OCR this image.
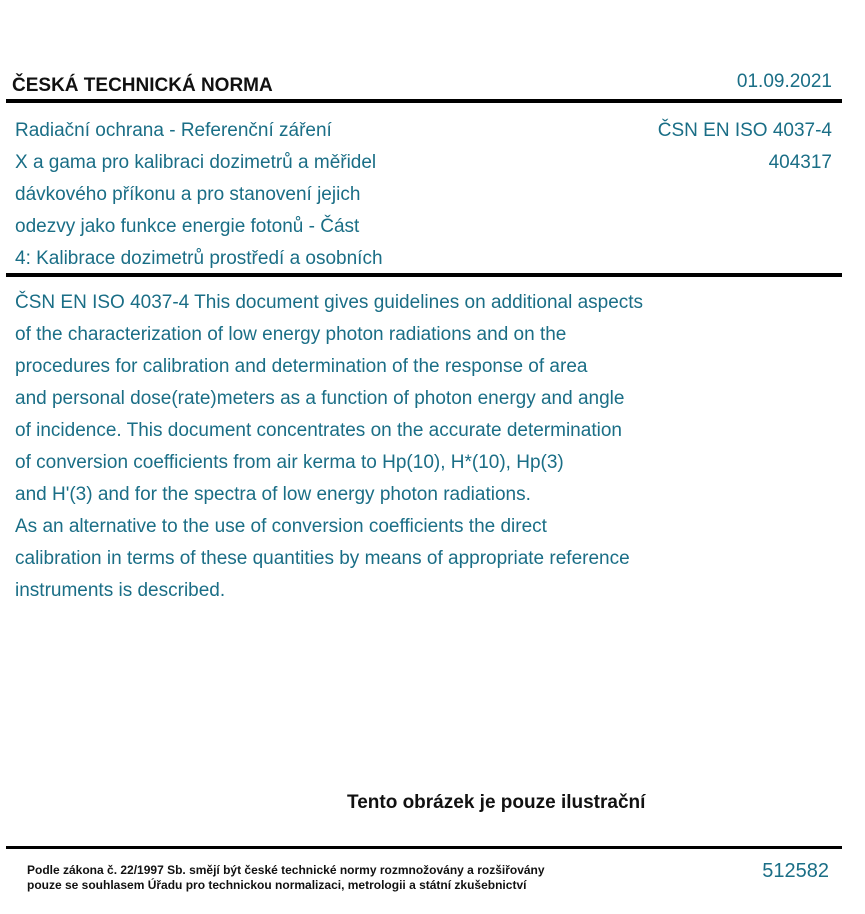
ČESKÁ TECHNICKÁ NORMA	01.09.2021
Radiační ochrana - Referenční záření
X a gama pro kalibraci dozimetrů a měřidel
dávkového příkonu a pro stanovení jejich
odezvy jako funkce energie fotonů - Část
4: Kalibrace dozimetrů prostředí a osobních
ČSN EN ISO 4037-4
404317
ČSN EN ISO 4037-4 This document gives guidelines on additional aspects
of the characterization of low energy photon radiations and on the
procedures for calibration and determination of the response of area
and personal dose(rate)meters as a function of photon energy and angle
of incidence. This document concentrates on the accurate determination
of conversion coefficients from air kerma to Hp(10), H*(10), Hp(3)
and H'(3) and for the spectra of low energy photon radiations.
As an alternative to the use of conversion coefficients the direct
calibration in terms of these quantities by means of appropriate reference
instruments is described.
Tento obrázek je pouze ilustrační
Podle zákona č. 22/1997 Sb. smějí být české technické normy rozmnožovány a rozšiřovány
pouze se souhlasem Úřadu pro technickou normalizaci, metrologii a státní zkušebnictví
512582
